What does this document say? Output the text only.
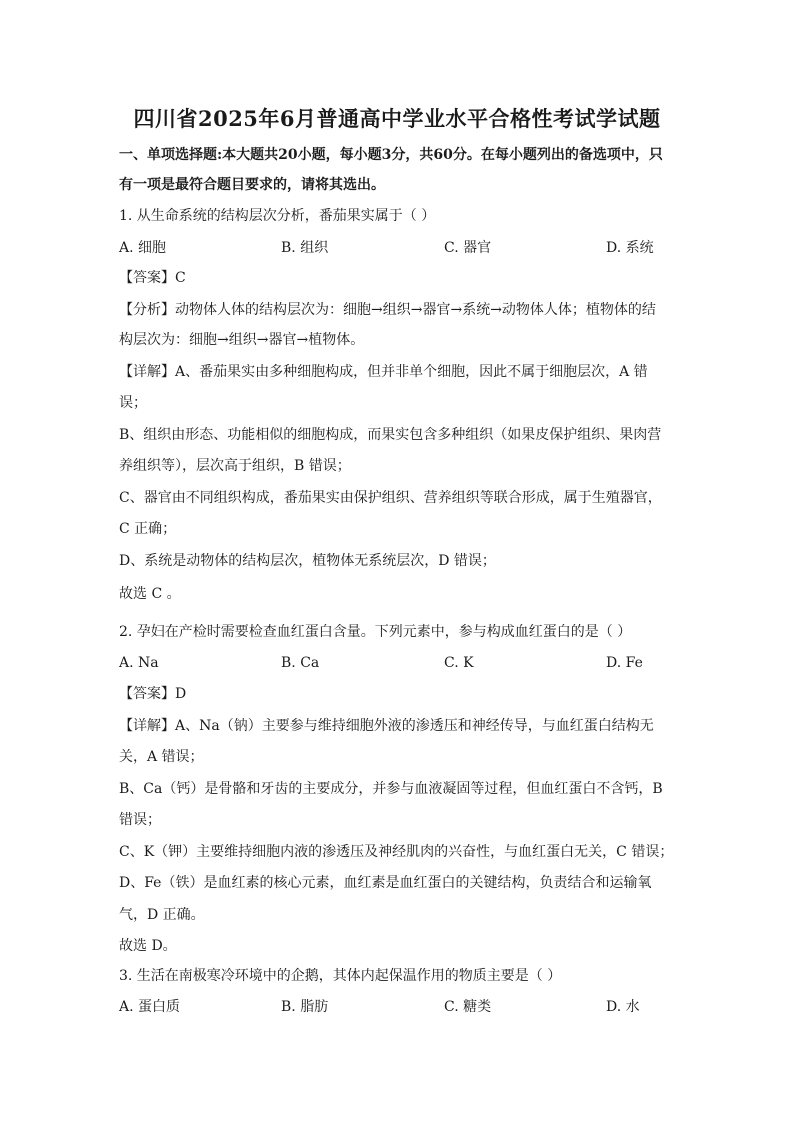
四川省2025年6月普通高中学业水平合格性考试学试题
一、单项选择题:本大题共20小题，每小题3分，共60分。在每小题列出的备选项中，只
有一项是最符合题目要求的，请将其选出。
1. 从生命系统的结构层次分析，番茄果实属于（ ）
A. 细胞	B. 组织	C. 器官	D. 系统
【答案】C
【分析】动物体人体的结构层次为：细胞→组织→器官→系统→动物体人体；植物体的结
构层次为：细胞→组织→器官→植物体。
【详解】A、番茄果实由多种细胞构成，但并非单个细胞，因此不属于细胞层次，A 错
误；
B、组织由形态、功能相似的细胞构成，而果实包含多种组织（如果皮保护组织、果肉营
养组织等），层次高于组织，B 错误；
C、器官由不同组织构成，番茄果实由保护组织、营养组织等联合形成，属于生殖器官，
C 正确；
D、系统是动物体的结构层次，植物体无系统层次，D 错误；
故选 C 。
2. 孕妇在产检时需要检查血红蛋白含量。下列元素中，参与构成血红蛋白的是（ ）
A. Na	B. Ca	C. K	D. Fe
【答案】D
【详解】A、Na（钠）主要参与维持细胞外液的渗透压和神经传导，与血红蛋白结构无
关，A 错误；
B、Ca（钙）是骨骼和牙齿的主要成分，并参与血液凝固等过程，但血红蛋白不含钙，B
错误；
C、K（钾）主要维持细胞内液的渗透压及神经肌肉的兴奋性，与血红蛋白无关，C 错误；
D、Fe（铁）是血红素的核心元素，血红素是血红蛋白的关键结构，负责结合和运输氧
气，D 正确。
故选 D。
3. 生活在南极寒冷环境中的企鹅，其体内起保温作用的物质主要是（ ）
A. 蛋白质	B. 脂肪	C. 糖类	D. 水
